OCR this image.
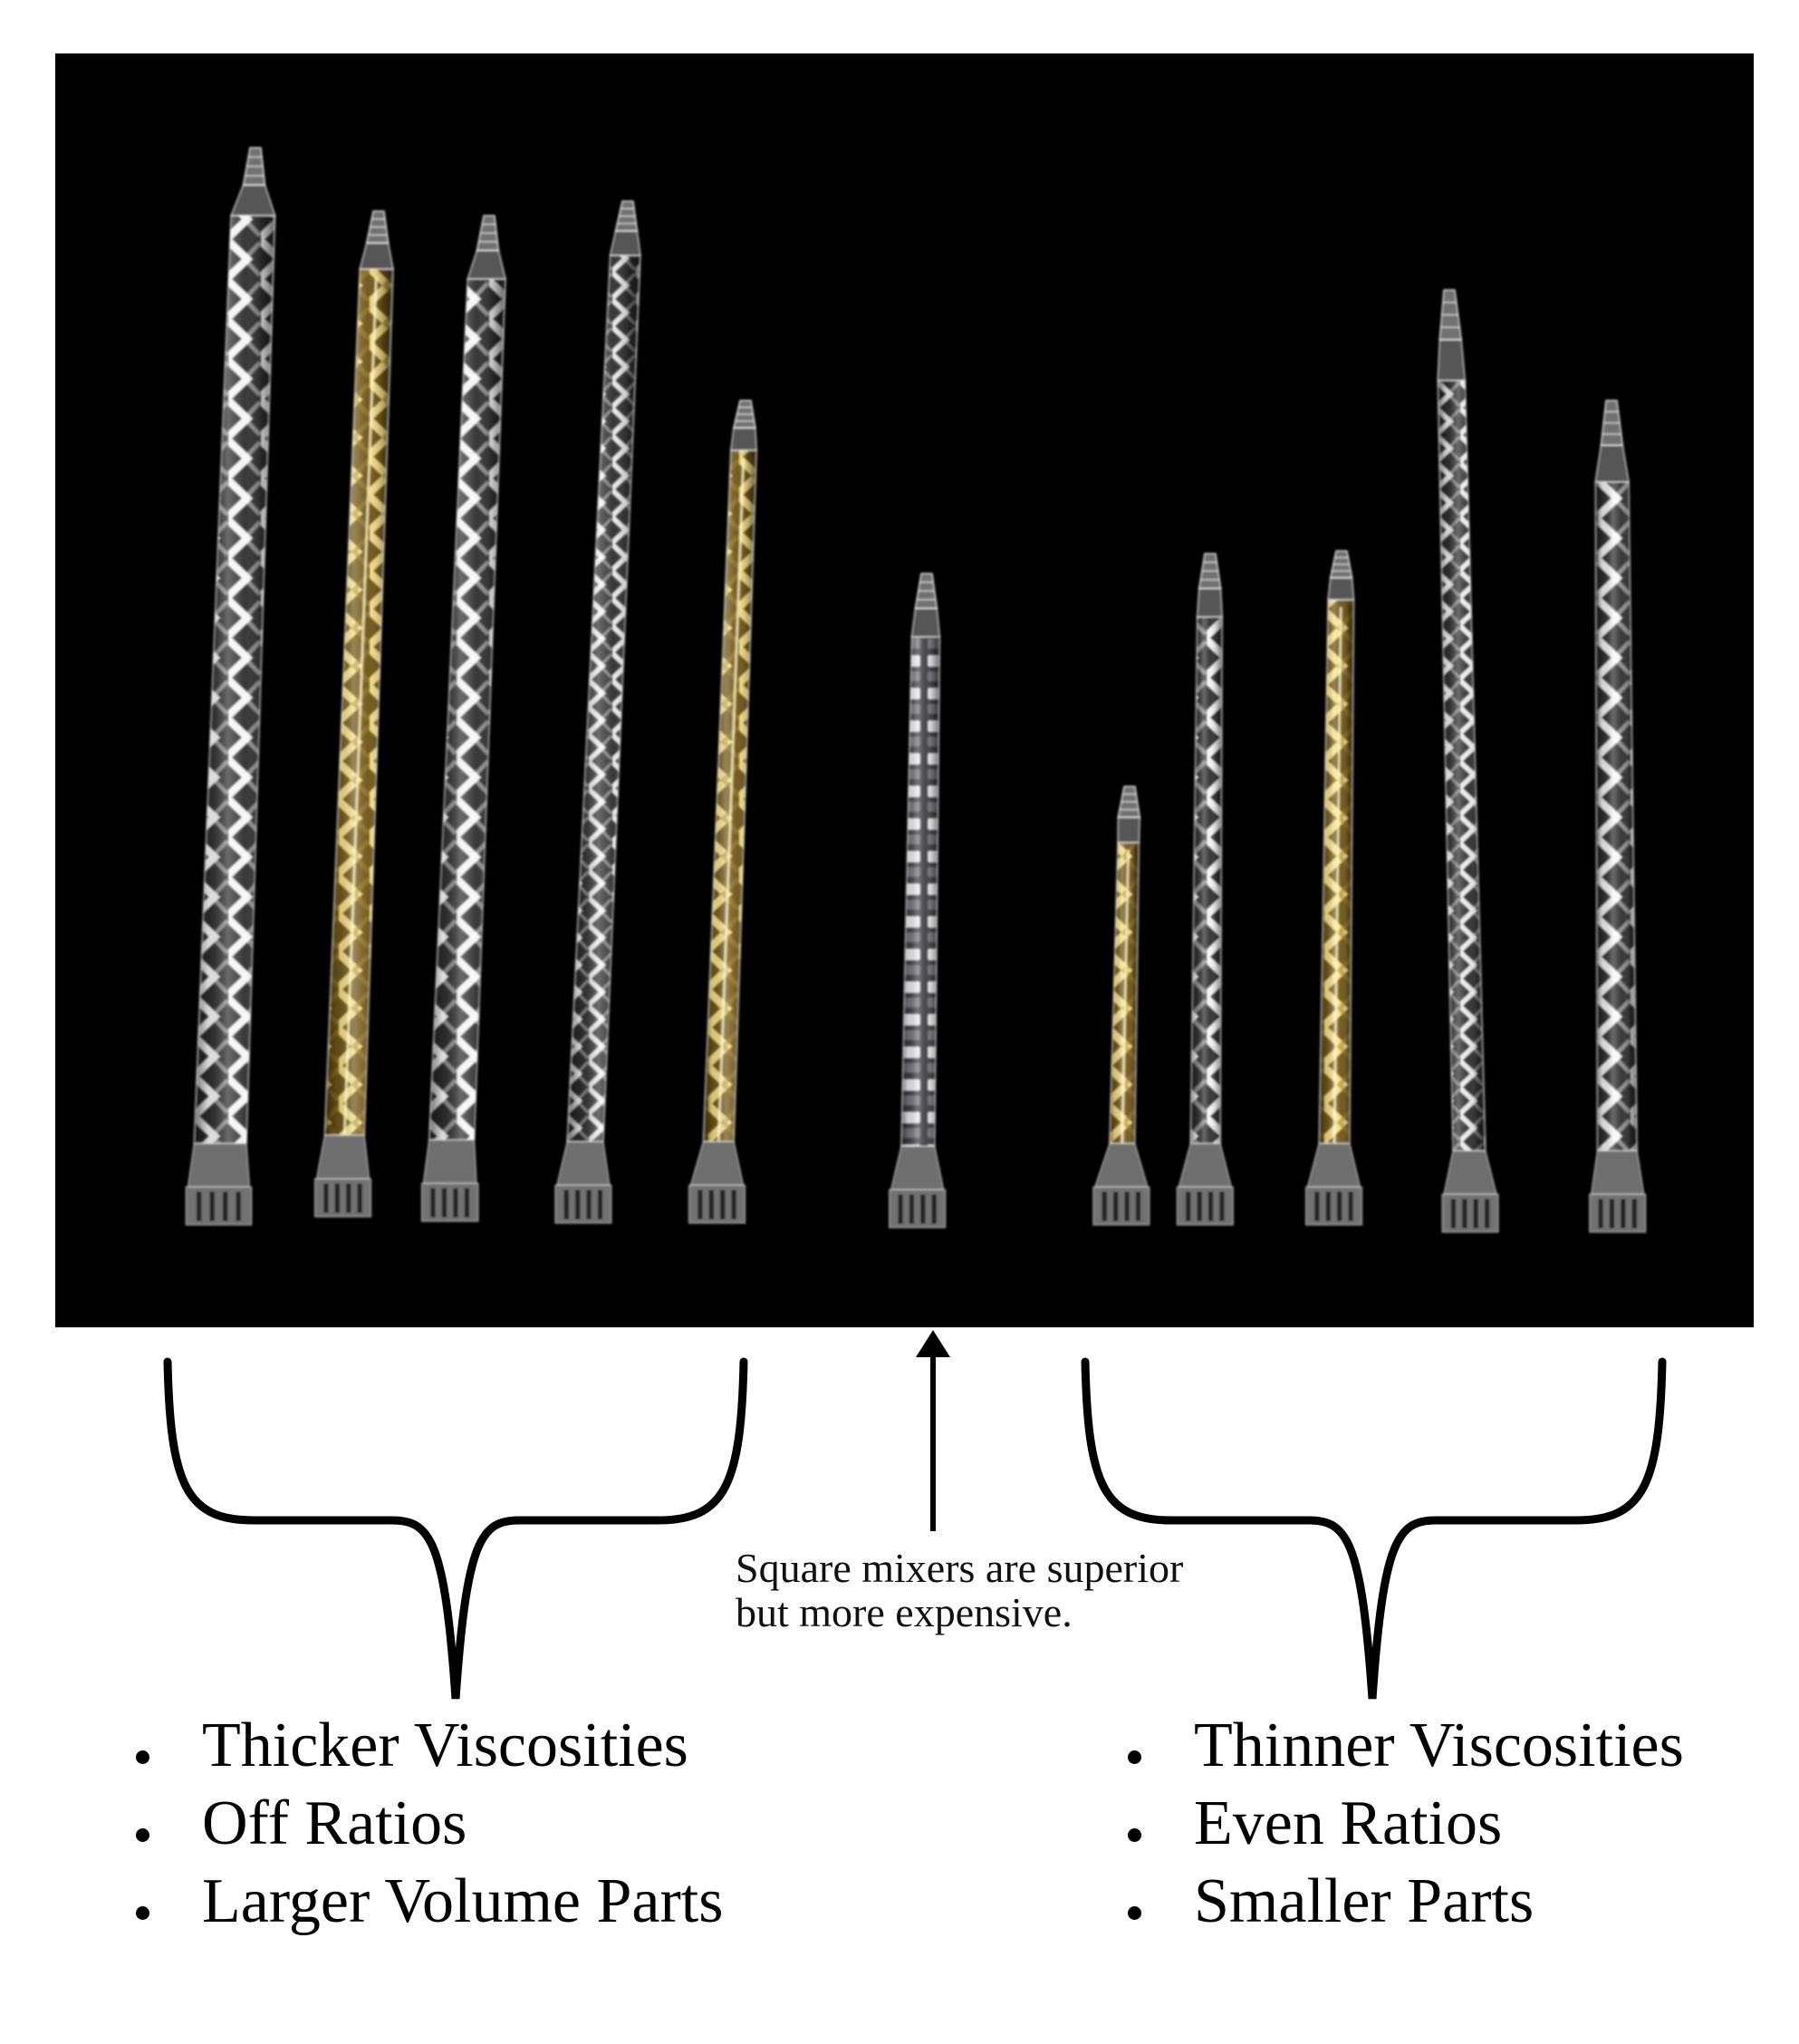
Square mixers are superior
but more expensive.
Thicker Viscosities
Off Ratios
Larger Volume Parts
Thinner Viscosities
Even Ratios
Smaller Parts
